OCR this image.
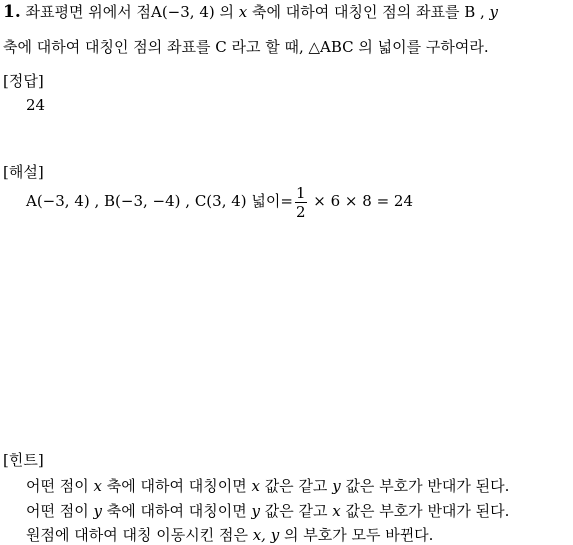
1. 좌표평면 위에서 점A(−3, 4) 의 x 축에 대하여 대칭인 점의 좌표를 B , y
축에 대하여 대칭인 점의 좌표를 C 라고 할 때, △ABC 의 넓이를 구하여라.
[정답]
24
[해설]
A(−3, 4) , B(−3, −4) , C(3, 4) 넓이= $\frac{1}{2} \times 6 \times 8 = 24$
[힌트]
어떤 점이 x 축에 대하여 대칭이면 x 값은 같고 y 값은 부호가 반대가 된다.
어떤 점이 y 축에 대하여 대칭이면 y 값은 같고 x 값은 부호가 반대가 된다.
원점에 대하여 대칭 이동시킨 점은 x, y 의 부호가 모두 바뀐다.
